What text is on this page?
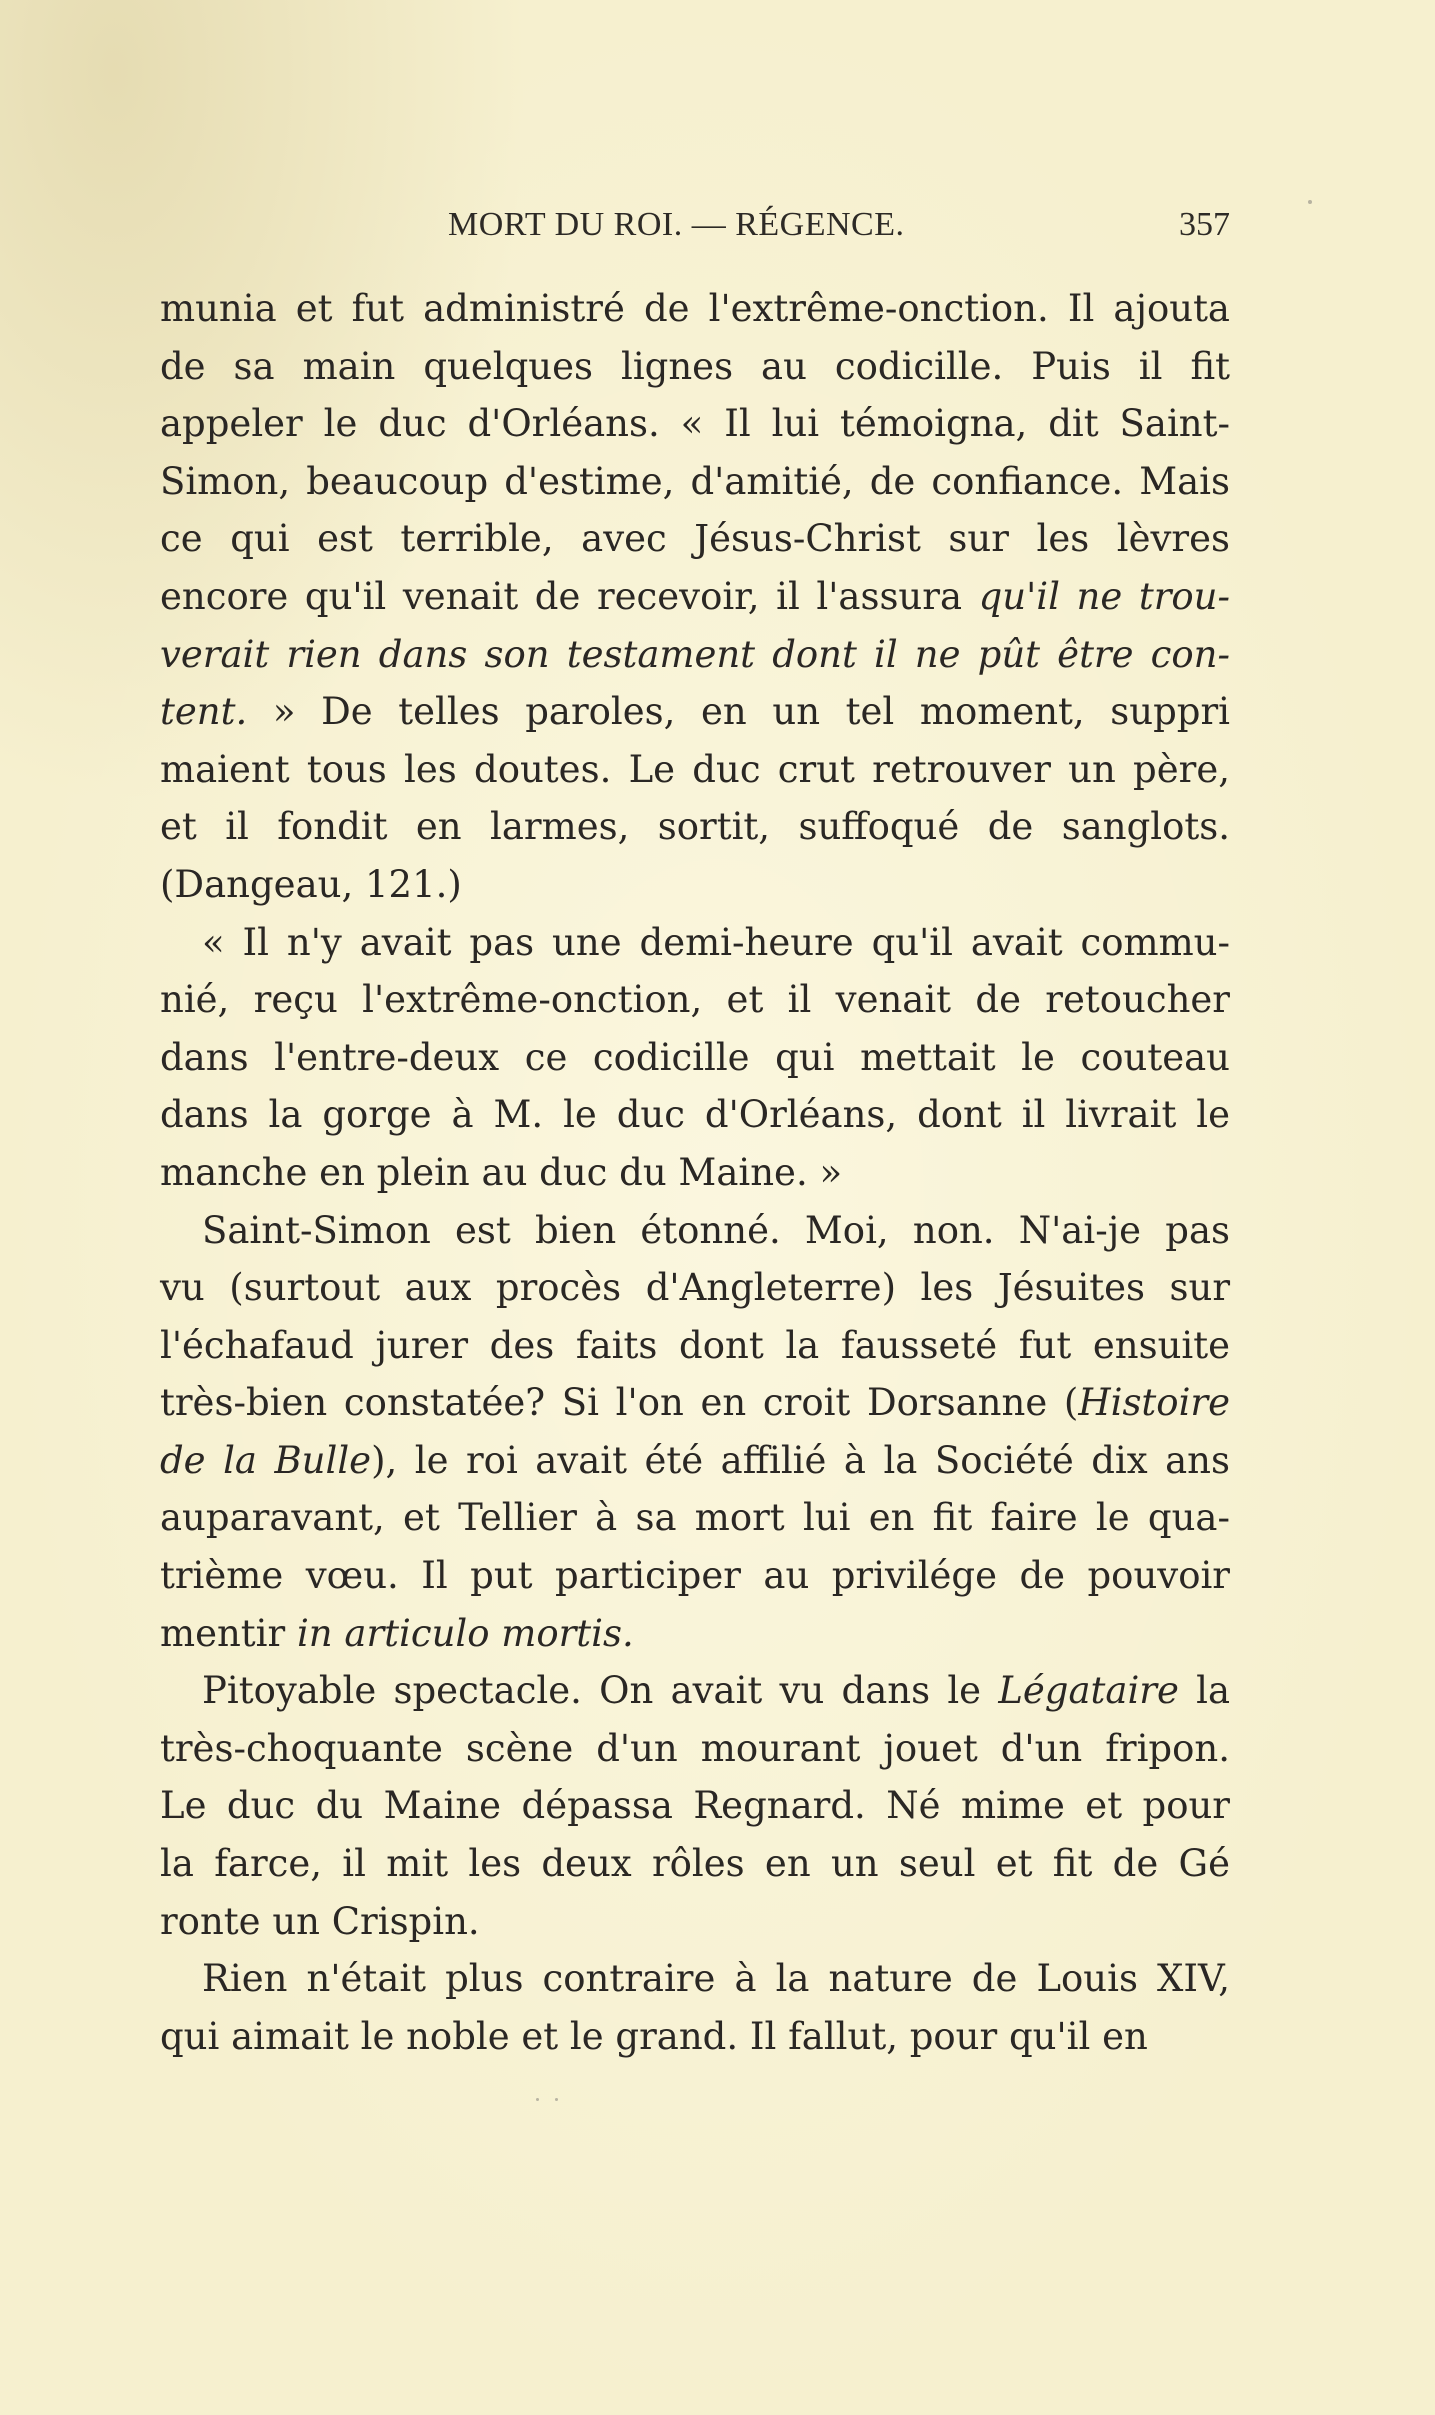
MORT DU ROI. — RÉGENCE.	357
munia et fut administré de l'extrême-onction. Il ajouta
de sa main quelques lignes au codicille. Puis il fit
appeler le duc d'Orléans. « Il lui témoigna, dit Saint-
Simon, beaucoup d'estime, d'amitié, de confiance. Mais
ce qui est terrible, avec Jésus-Christ sur les lèvres
encore qu'il venait de recevoir, il l'assura qu'il ne trou-
verait rien dans son testament dont il ne pût être con-
tent. » De telles paroles, en un tel moment, suppri
maient tous les doutes. Le duc crut retrouver un père,
et il fondit en larmes, sortit, suffoqué de sanglots.
(Dangeau, 121.)
« Il n'y avait pas une demi-heure qu'il avait commu-
nié, reçu l'extrême-onction, et il venait de retoucher
dans l'entre-deux ce codicille qui mettait le couteau
dans la gorge à M. le duc d'Orléans, dont il livrait le
manche en plein au duc du Maine. »
Saint-Simon est bien étonné. Moi, non. N'ai-je pas
vu (surtout aux procès d'Angleterre) les Jésuites sur
l'échafaud jurer des faits dont la fausseté fut ensuite
très-bien constatée? Si l'on en croit Dorsanne (Histoire
de la Bulle), le roi avait été affilié à la Société dix ans
auparavant, et Tellier à sa mort lui en fit faire le qua-
trième vœu. Il put participer au privilége de pouvoir
mentir in articulo mortis.
Pitoyable spectacle. On avait vu dans le Légataire la
très-choquante scène d'un mourant jouet d'un fripon.
Le duc du Maine dépassa Regnard. Né mime et pour
la farce, il mit les deux rôles en un seul et fit de Gé
ronte un Crispin.
Rien n'était plus contraire à la nature de Louis XIV,
qui aimait le noble et le grand. Il fallut, pour qu'il en
